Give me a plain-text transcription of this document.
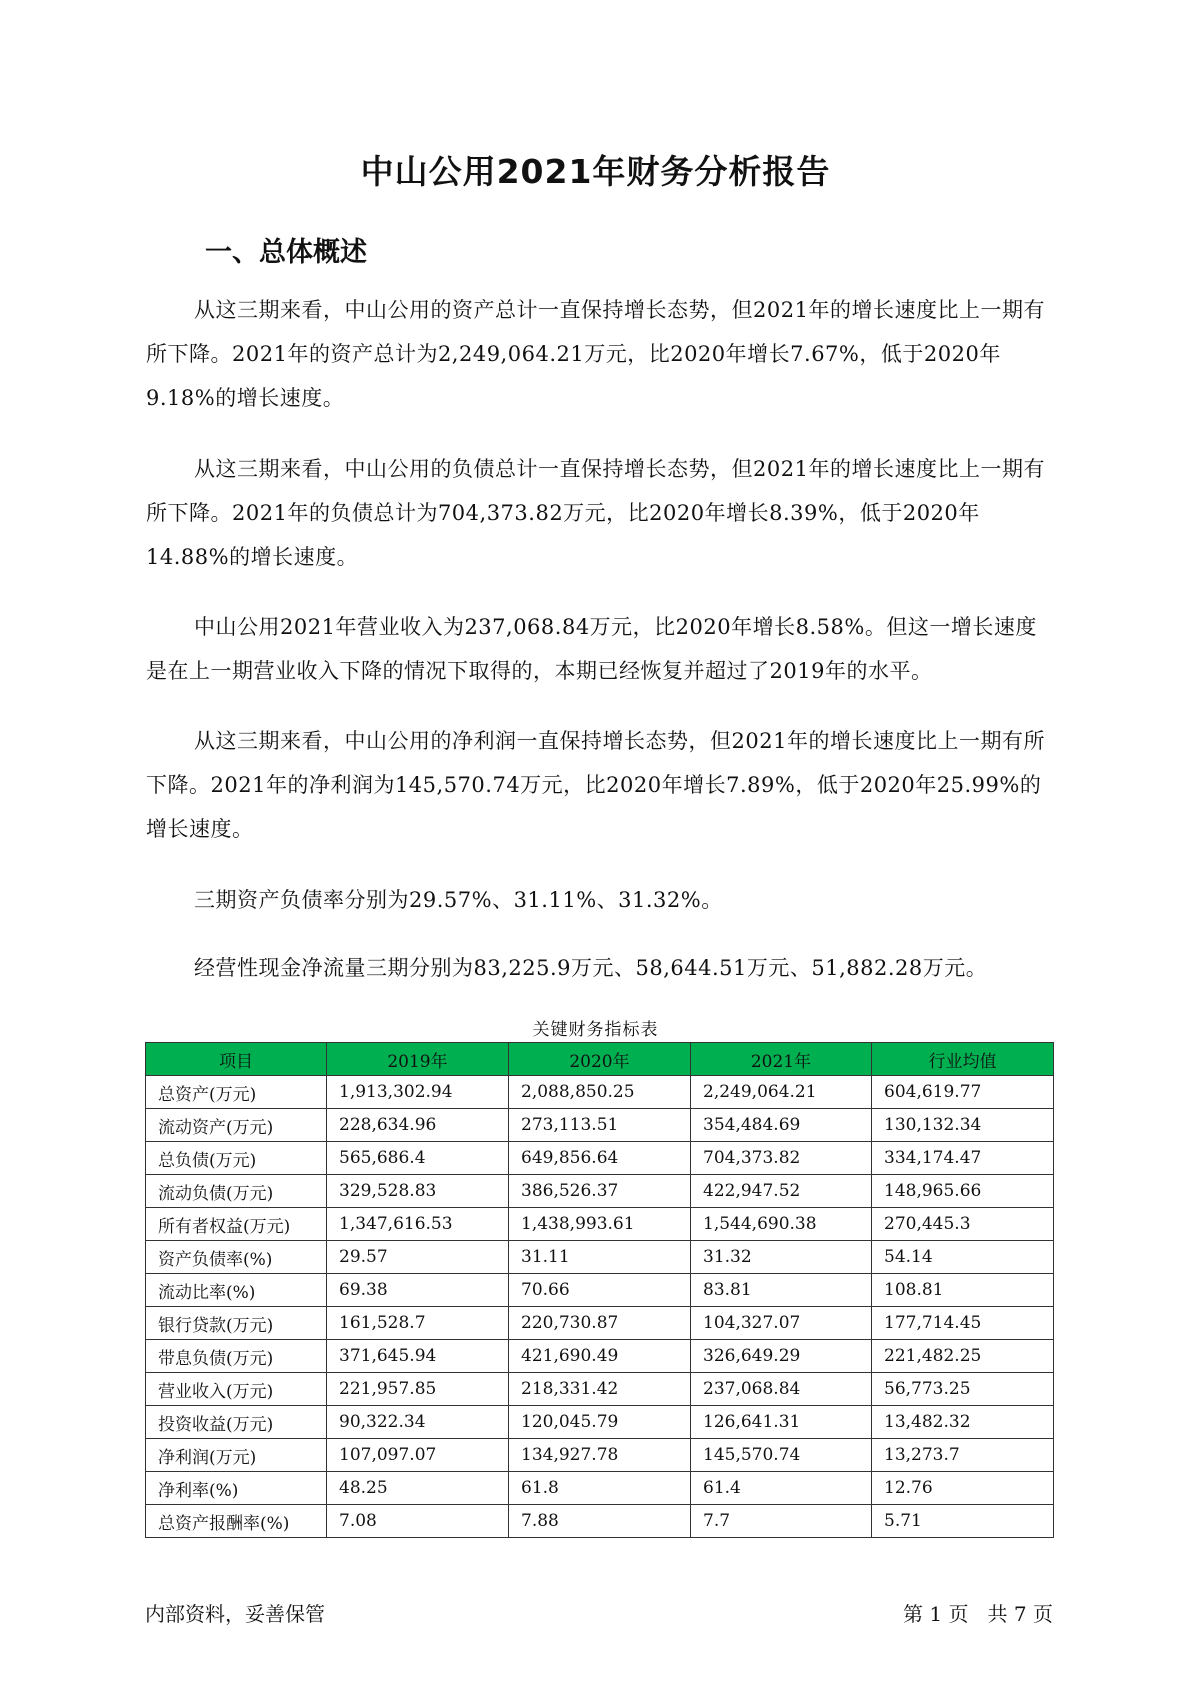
中山公用2021年财务分析报告
一、总体概述
从这三期来看，中山公用的资产总计一直保持增长态势，但2021年的增长速度比上一期有所下降。2021年的资产总计为2,249,064.21万元，比2020年增长7.67%，低于2020年9.18%的增长速度。
从这三期来看，中山公用的负债总计一直保持增长态势，但2021年的增长速度比上一期有所下降。2021年的负债总计为704,373.82万元，比2020年增长8.39%，低于2020年14.88%的增长速度。
中山公用2021年营业收入为237,068.84万元，比2020年增长8.58%。但这一增长速度是在上一期营业收入下降的情况下取得的，本期已经恢复并超过了2019年的水平。
从这三期来看，中山公用的净利润一直保持增长态势，但2021年的增长速度比上一期有所下降。2021年的净利润为145,570.74万元，比2020年增长7.89%，低于2020年25.99%的增长速度。
三期资产负债率分别为29.57%、31.11%、31.32%。
经营性现金净流量三期分别为83,225.9万元、58,644.51万元、51,882.28万元。
关键财务指标表
项目	2019年	2020年	2021年	行业均值
总资产(万元)	1,913,302.94	2,088,850.25	2,249,064.21	604,619.77
流动资产(万元)	228,634.96	273,113.51	354,484.69	130,132.34
总负债(万元)	565,686.4	649,856.64	704,373.82	334,174.47
流动负债(万元)	329,528.83	386,526.37	422,947.52	148,965.66
所有者权益(万元)	1,347,616.53	1,438,993.61	1,544,690.38	270,445.3
资产负债率(%)	29.57	31.11	31.32	54.14
流动比率(%)	69.38	70.66	83.81	108.81
银行贷款(万元)	161,528.7	220,730.87	104,327.07	177,714.45
带息负债(万元)	371,645.94	421,690.49	326,649.29	221,482.25
营业收入(万元)	221,957.85	218,331.42	237,068.84	56,773.25
投资收益(万元)	90,322.34	120,045.79	126,641.31	13,482.32
净利润(万元)	107,097.07	134,927.78	145,570.74	13,273.7
净利率(%)	48.25	61.8	61.4	12.76
总资产报酬率(%)	7.08	7.88	7.7	5.71
内部资料，妥善保管	第 1 页   共 7 页
